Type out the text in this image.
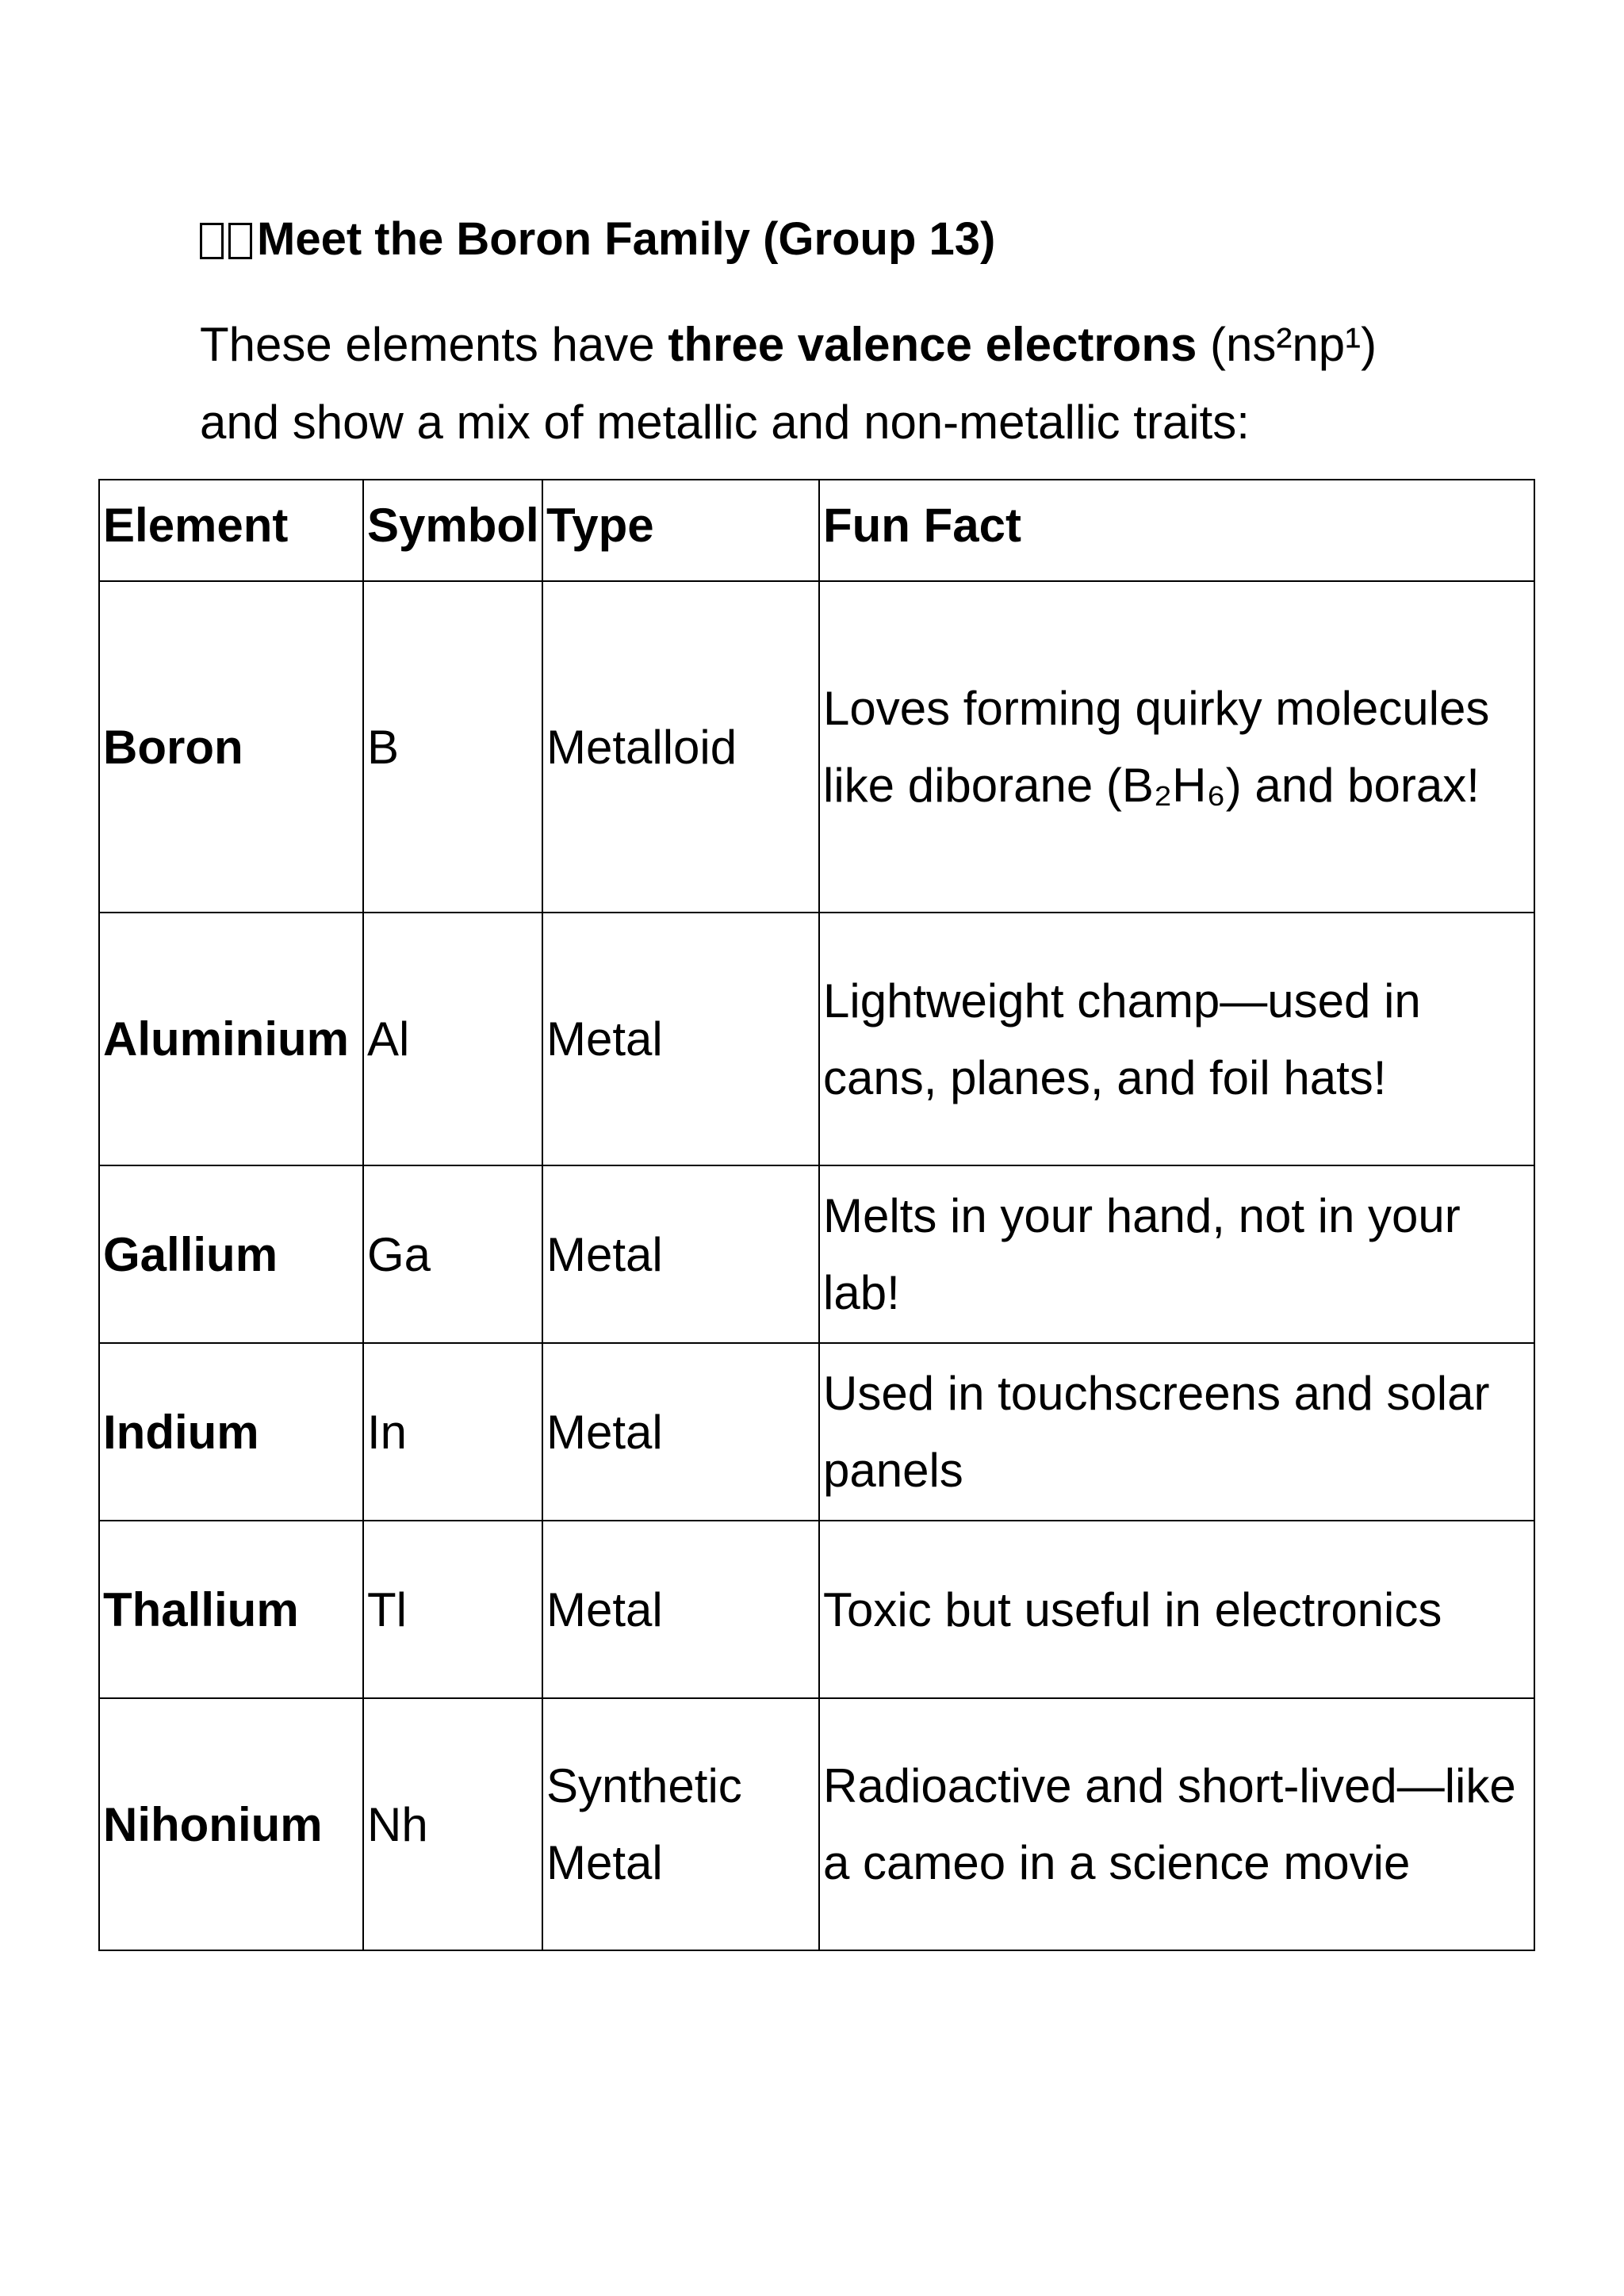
Meet the Boron Family (Group 13)
These elements have three valence electrons (ns²np¹)
and show a mix of metallic and non-metallic traits:
Element	Symbol	Type	Fun Fact
Boron	B	Metalloid	Loves forming quirky molecules like diborane (B₂H₆) and borax!
Aluminium	Al	Metal	Lightweight champ—used in cans, planes, and foil hats!
Gallium	Ga	Metal	Melts in your hand, not in your lab!
Indium	In	Metal	Used in touchscreens and solar panels
Thallium	Tl	Metal	Toxic but useful in electronics
Nihonium	Nh	Synthetic Metal	Radioactive and short-lived—like a cameo in a science movie
